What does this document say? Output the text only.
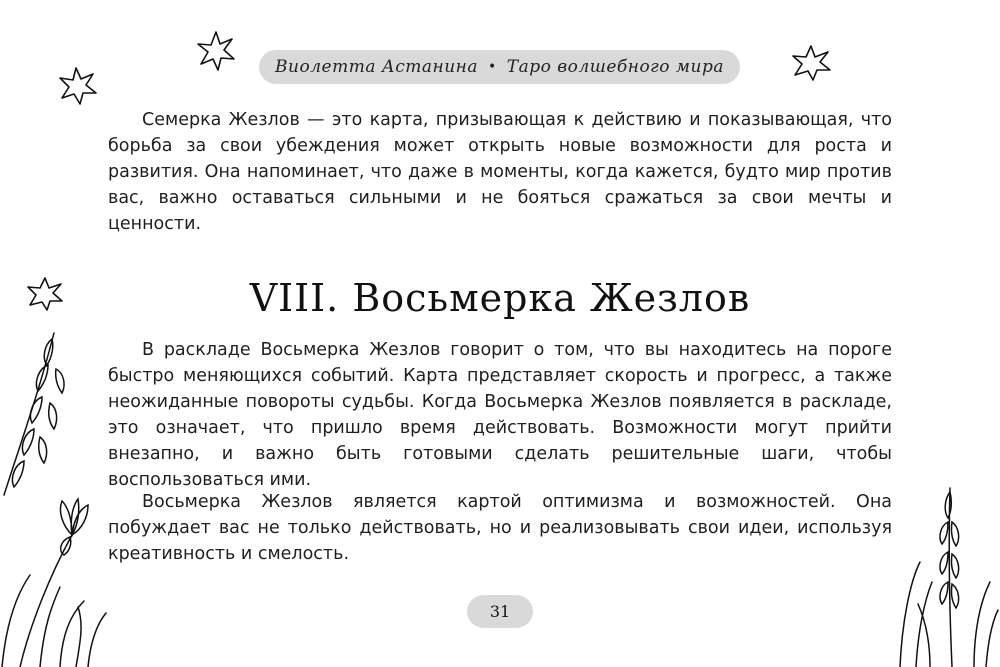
Виолетта Астанина • Таро волшебного мира

Семерка Жезлов — это карта, призывающая к действию и показывающая, что борьба за свои убеждения может открыть новые возможности для роста и развития. Она напоминает, что даже в моменты, когда кажется, будто мир против вас, важно оставаться сильными и не бояться сражаться за свои мечты и ценности.

VIII. Восьмерка Жезлов

В раскладе Восьмерка Жезлов говорит о том, что вы находитесь на пороге быстро меняющихся событий. Карта представляет скорость и прогресс, а также неожиданные повороты судьбы. Когда Восьмерка Жезлов появляется в раскладе, это означает, что пришло время действовать. Возможности могут прийти внезапно, и важно быть готовыми сделать решительные шаги, чтобы воспользоваться ими.

Восьмерка Жезлов является картой оптимизма и возможностей. Она побуждает вас не только действовать, но и реализовывать свои идеи, используя креативность и смелость.

31
